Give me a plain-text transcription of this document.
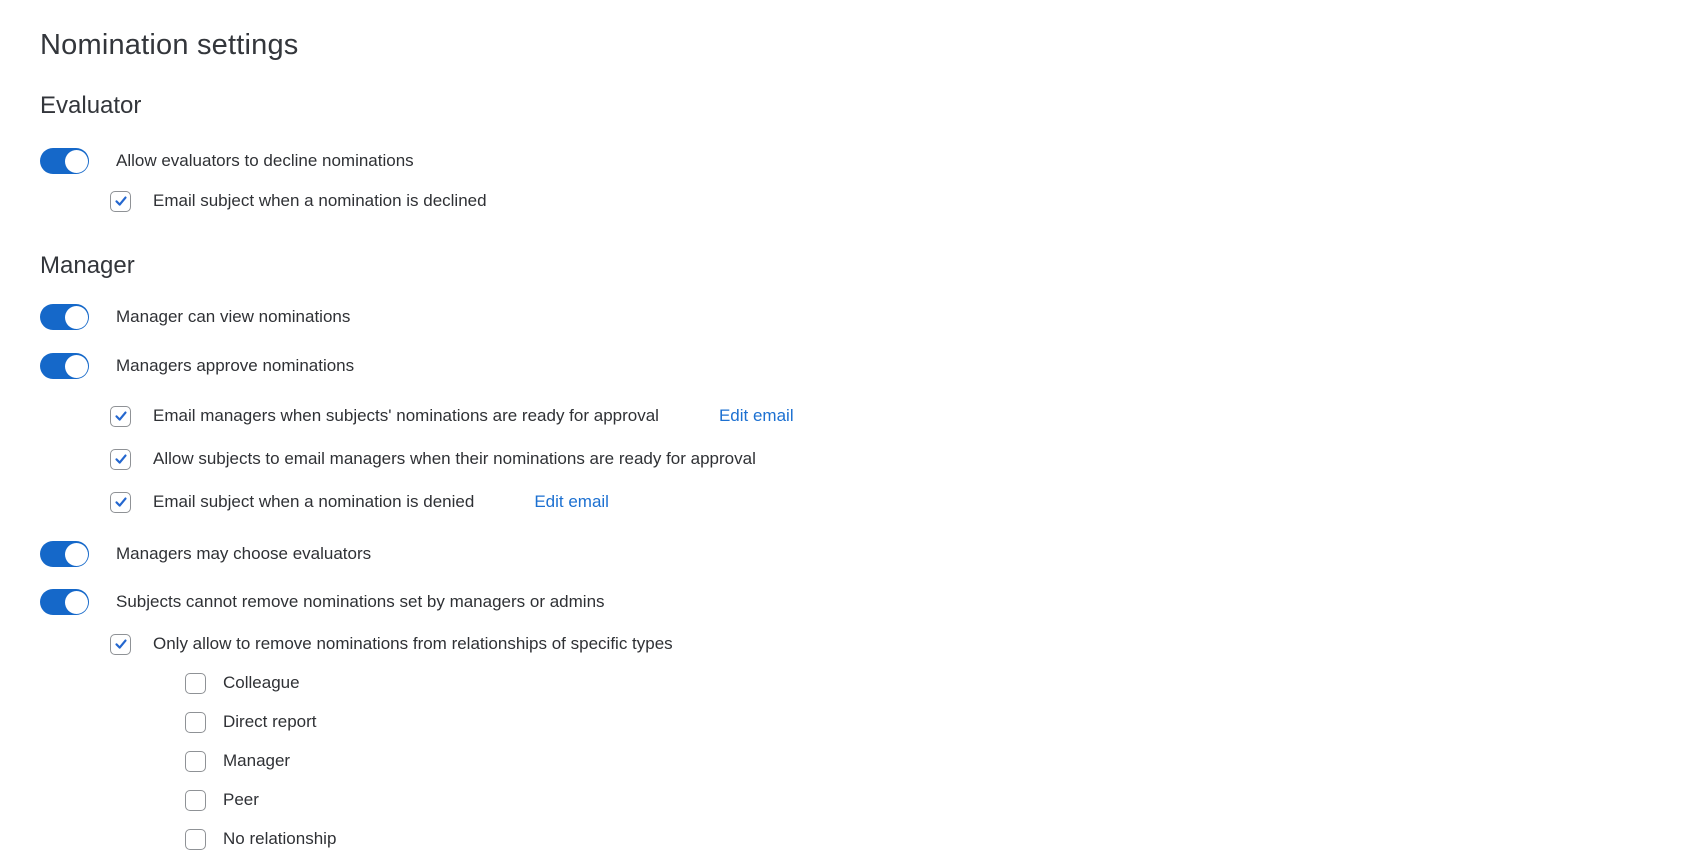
Nomination settings
Evaluator
Allow evaluators to decline nominations
Email subject when a nomination is declined
Manager
Manager can view nominations
Managers approve nominations
Email managers when subjects' nominations are ready for approval	Edit email
Allow subjects to email managers when their nominations are ready for approval
Email subject when a nomination is denied	Edit email
Managers may choose evaluators
Subjects cannot remove nominations set by managers or admins
Only allow to remove nominations from relationships of specific types
Colleague
Direct report
Manager
Peer
No relationship
